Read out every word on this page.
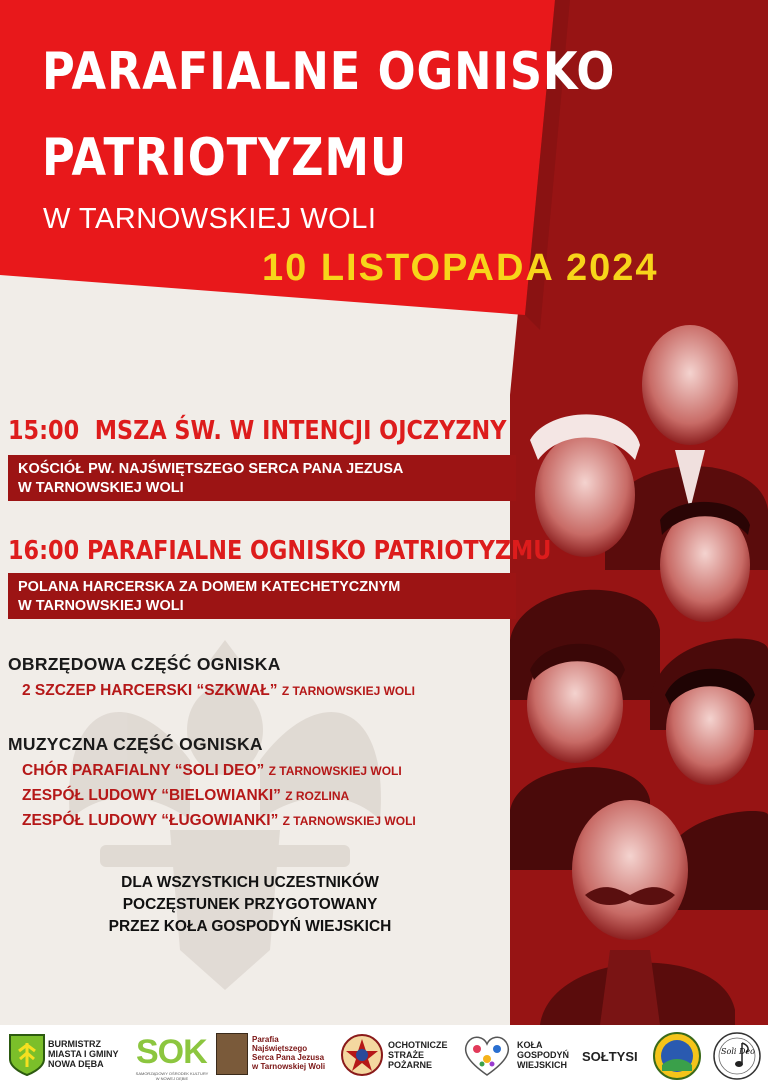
PARAFIALNE OGNISKO
PATRIOTYZMU
W TARNOWSKIEJ WOLI
10 LISTOPADA 2024
15:00 MSZA ŚW. W INTENCJI OJCZYZNY
KOŚCIÓŁ PW. NAJŚWIĘTSZEGO SERCA PANA JEZUSA
W TARNOWSKIEJ WOLI
16:00 PARAFIALNE OGNISKO PATRIOTYZMU
POLANA HARCERSKA ZA DOMEM KATECHETYCZNYM
W TARNOWSKIEJ WOLI
OBRZĘDOWA CZĘŚĆ OGNISKA
2 SZCZEP HARCERSKI “SZKWAŁ” Z TARNOWSKIEJ WOLI
MUZYCZNA CZĘŚĆ OGNISKA
CHÓR PARAFIALNY “SOLI DEO” Z TARNOWSKIEJ WOLI
ZESPÓŁ LUDOWY “BIELOWIANKI” Z ROZLINA
ZESPÓŁ LUDOWY “ŁUGOWIANKI” Z TARNOWSKIEJ WOLI
DLA WSZYSTKICH UCZESTNIKÓW
POCZĘSTUNEK PRZYGOTOWANY
PRZEZ KOŁA GOSPODYŃ WIEJSKICH
BURMISTRZ
MIASTA I GMINY
NOWA DĘBA SOK
SAMORZĄDOWY OŚRODEK KULTURY W NOWEJ DĘBIE
Parafia
Najświętszego
Serca Pana Jezusa
w Tarnowskiej Woli
OCHOTNICZE
STRAŻE
POŻARNE
KOŁA
GOSPODYŃ
WIEJSKICH
SOŁTYSI	Soli Deo
